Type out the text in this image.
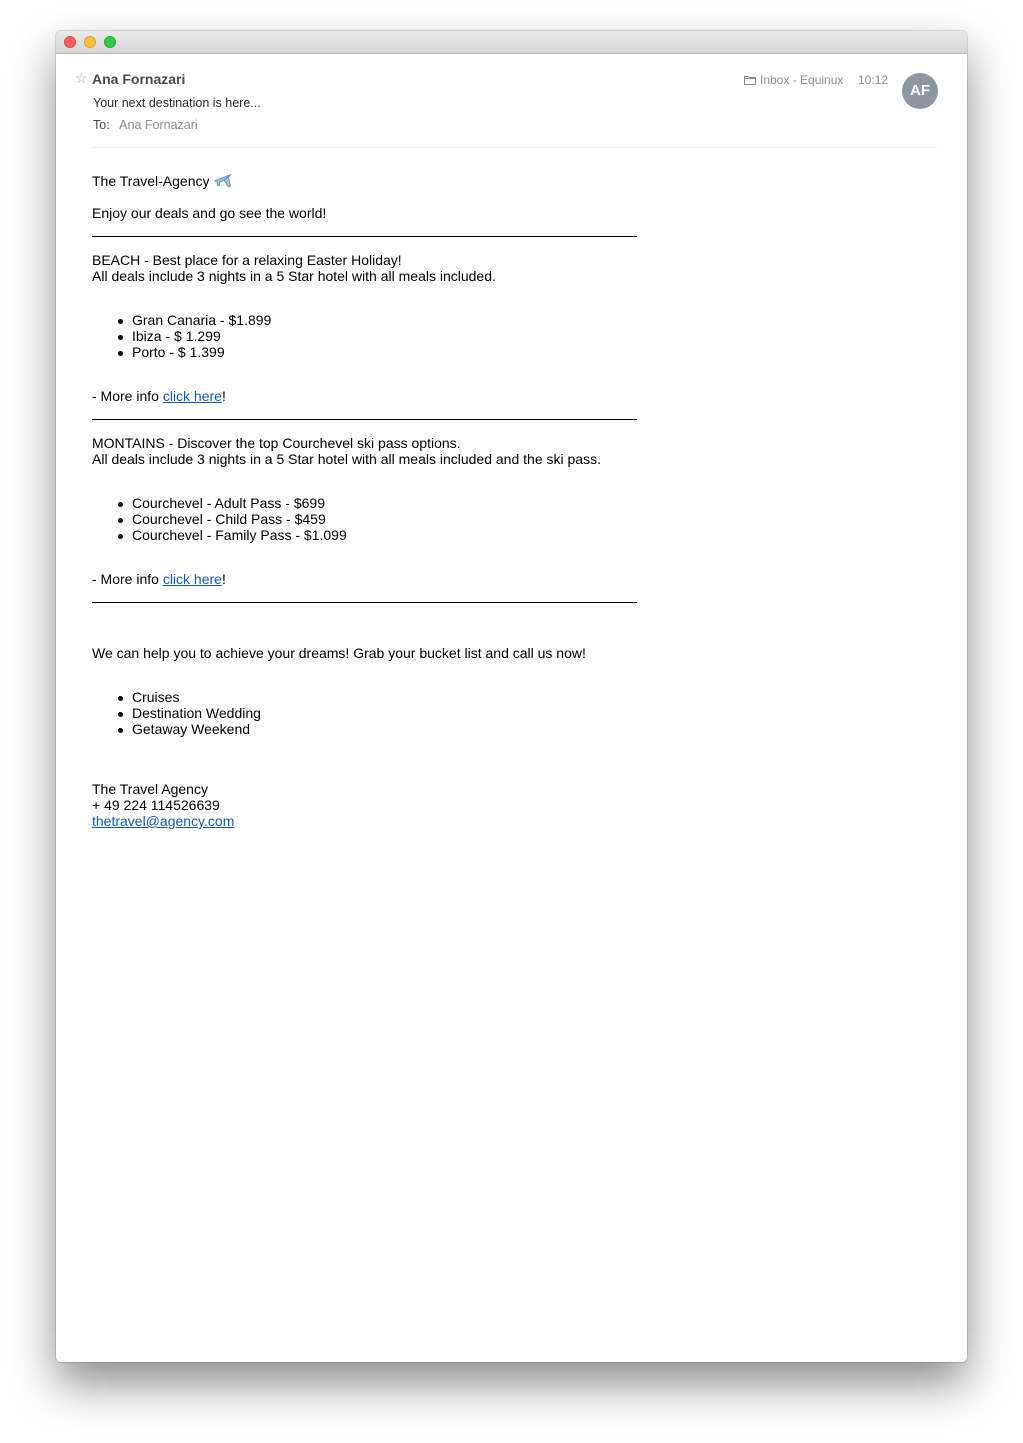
☆ Ana Fornazari
Your next destination is here...
To: Ana Fornazari
Inbox - Equinux 10:12
AF

The Travel-Agency

Enjoy our deals and go see the world!

BEACH - Best place for a relaxing Easter Holiday!

All deals include 3 nights in a 5 Star hotel with all meals included.

Gran Canaria - $1.899
Ibiza - $ 1.299
Porto - $ 1.399

- More info click here!

MONTAINS - Discover the top Courchevel ski pass options.

All deals include 3 nights in a 5 Star hotel with all meals included and the ski pass.

Courchevel - Adult Pass - $699
Courchevel - Child Pass - $459
Courchevel - Family Pass - $1.099

- More info click here!

We can help you to achieve your dreams! Grab your bucket list and call us now!

Cruises
Destination Wedding
Getaway Weekend

The Travel Agency

+ 49 224 114526639

thetravel@agency.com
